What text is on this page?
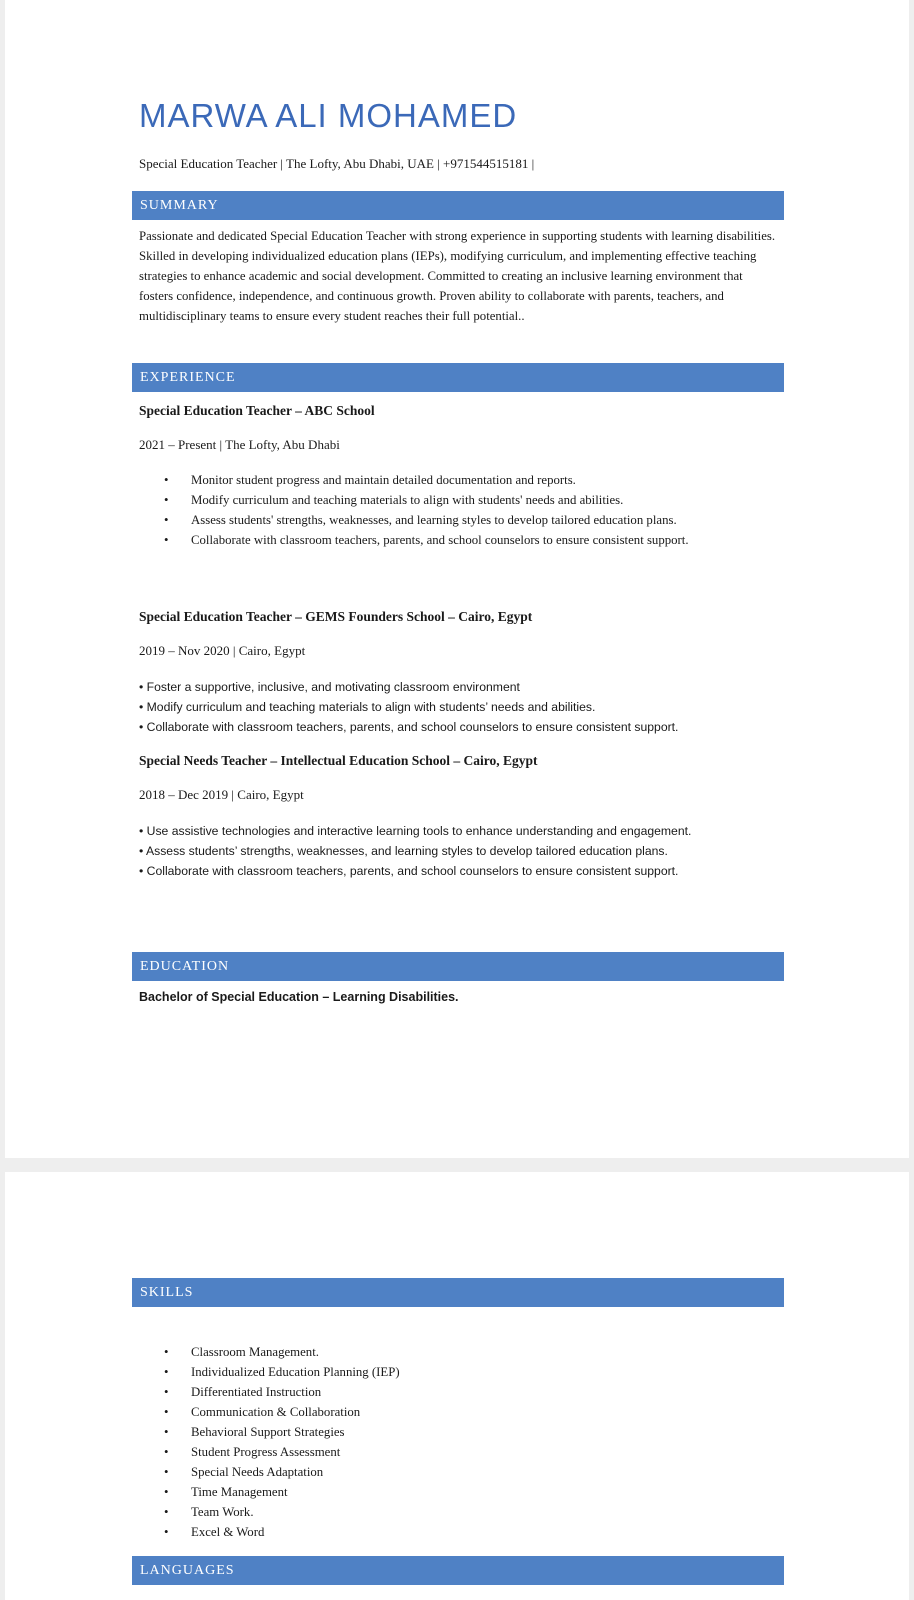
MARWA ALI MOHAMED
Special Education Teacher | The Lofty, Abu Dhabi, UAE | +971544515181 |
SUMMARY

Passionate and dedicated Special Education Teacher with strong experience in supporting students with learning disabilities. Skilled in developing individualized education plans (IEPs), modifying curriculum, and implementing effective teaching strategies to enhance academic and social development. Committed to creating an inclusive learning environment that fosters confidence, independence, and continuous growth. Proven ability to collaborate with parents, teachers, and multidisciplinary teams to ensure every student reaches their full potential..

EXPERIENCE
Special Education Teacher – ABC School
2021 – Present | The Lofty, Abu Dhabi
• Monitor student progress and maintain detailed documentation and reports.
• Modify curriculum and teaching materials to align with students' needs and abilities.
• Assess students' strengths, weaknesses, and learning styles to develop tailored education plans.
• Collaborate with classroom teachers, parents, and school counselors to ensure consistent support.
Special Education Teacher – GEMS Founders School – Cairo, Egypt
2019 – Nov 2020 | Cairo, Egypt
• Foster a supportive, inclusive, and motivating classroom environment
• Modify curriculum and teaching materials to align with students’ needs and abilities.
• Collaborate with classroom teachers, parents, and school counselors to ensure consistent support.
Special Needs Teacher – Intellectual Education School – Cairo, Egypt
2018 – Dec 2019 | Cairo, Egypt
• Use assistive technologies and interactive learning tools to enhance understanding and engagement.
• Assess students’ strengths, weaknesses, and learning styles to develop tailored education plans.
• Collaborate with classroom teachers, parents, and school counselors to ensure consistent support.
EDUCATION
Bachelor of Special Education – Learning Disabilities.
SKILLS
• Classroom Management.
• Individualized Education Planning (IEP)
• Differentiated Instruction
• Communication & Collaboration
• Behavioral Support Strategies
• Student Progress Assessment
• Special Needs Adaptation
• Time Management
• Team Work.
• Excel & Word
LANGUAGES
